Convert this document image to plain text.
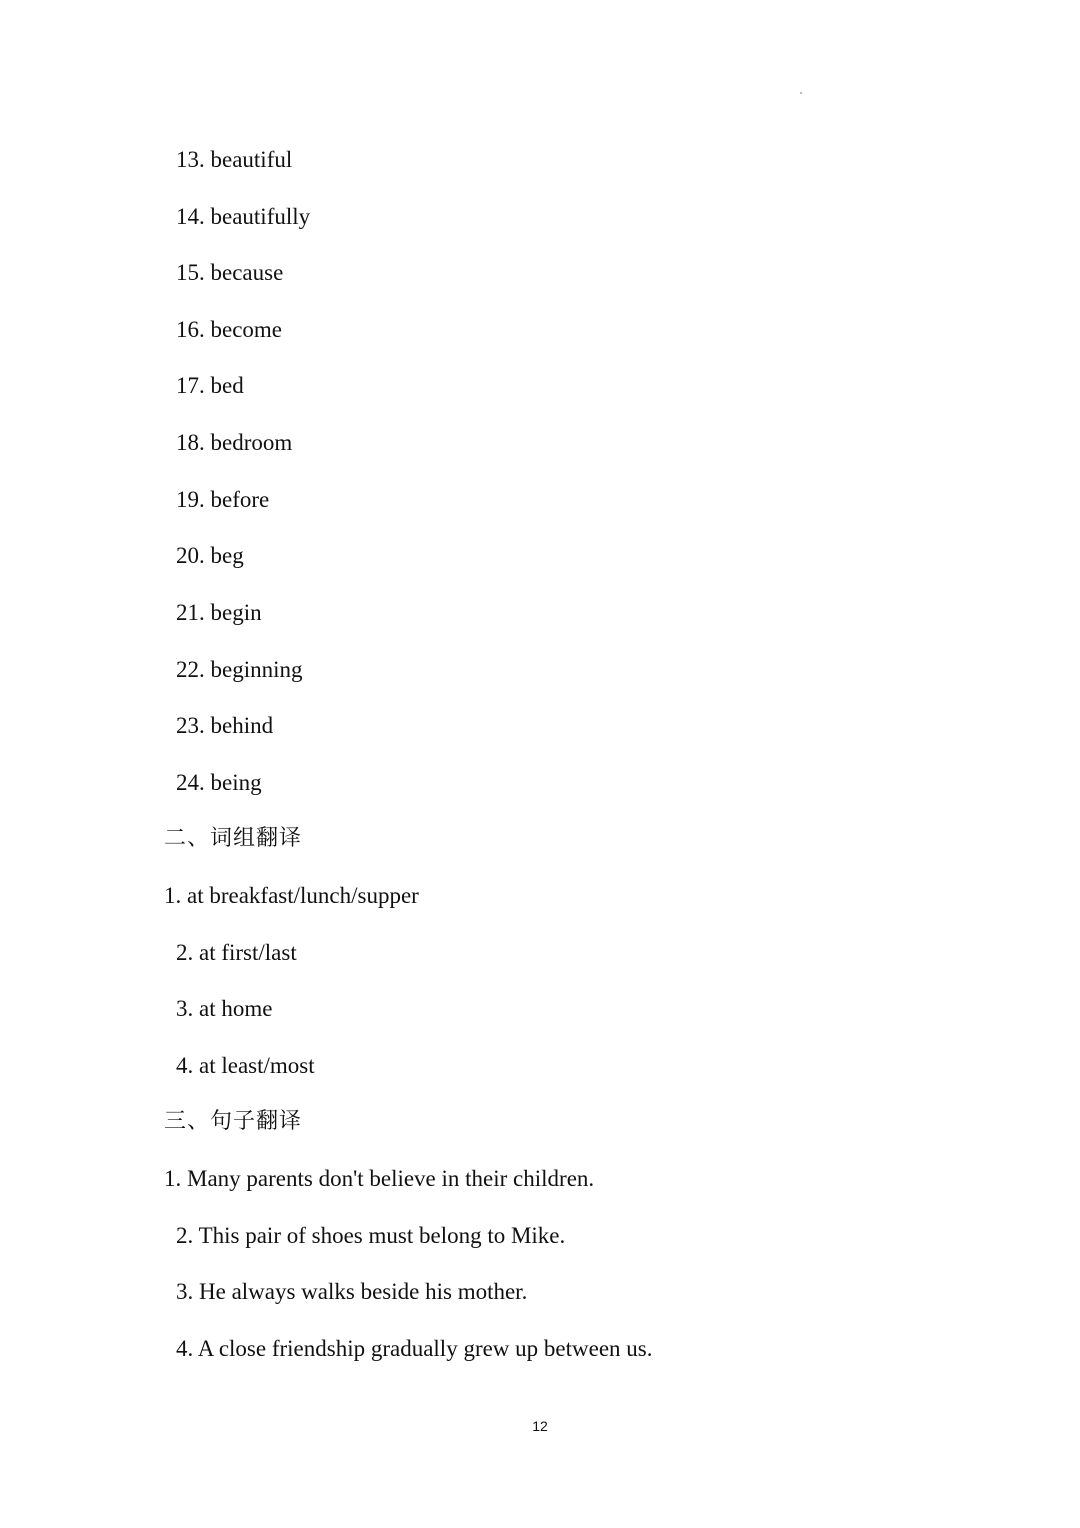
13. beautiful
14. beautifully
15. because
16. become
17. bed
18. bedroom
19. before
20. beg
21. begin
22. beginning
23. behind
24. being
二、词组翻译
1. at breakfast/lunch/supper
2. at first/last
3. at home
4. at least/most
三、句子翻译
1. Many parents don't believe in their children.
2. This pair of shoes must belong to Mike.
3. He always walks beside his mother.
4. A close friendship gradually grew up between us.
12
